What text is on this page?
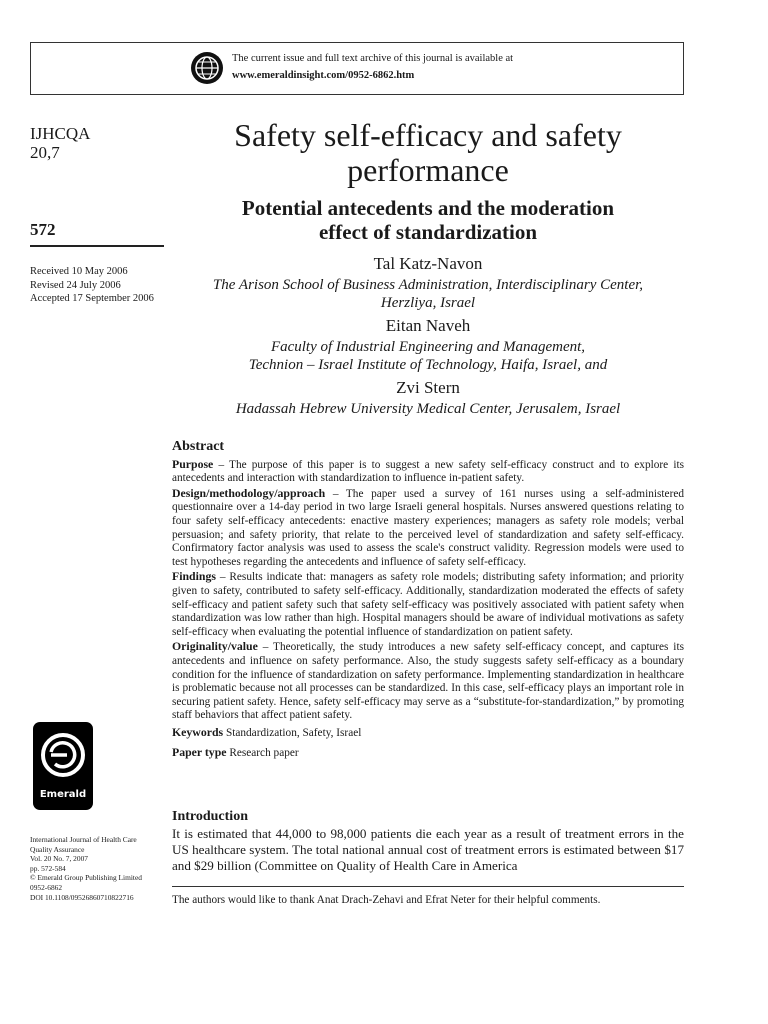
The current issue and full text archive of this journal is available at
www.emeraldinsight.com/0952-6862.htm
IJHCQA
20,7
572
Received 10 May 2006
Revised 24 July 2006
Accepted 17 September 2006
Safety self-efficacy and safety
performance
Potential antecedents and the moderation
effect of standardization
Tal Katz-Navon
The Arison School of Business Administration, Interdisciplinary Center,
Herzliya, Israel
Eitan Naveh
Faculty of Industrial Engineering and Management,
Technion – Israel Institute of Technology, Haifa, Israel, and
Zvi Stern
Hadassah Hebrew University Medical Center, Jerusalem, Israel

Abstract

Purpose – The purpose of this paper is to suggest a new safety self-efficacy construct and to explore its antecedents and interaction with standardization to influence in-patient safety.

Design/methodology/approach – The paper used a survey of 161 nurses using a self-administered questionnaire over a 14-day period in two large Israeli general hospitals. Nurses answered questions relating to four safety self-efficacy antecedents: enactive mastery experiences; managers as safety role models; verbal persuasion; and safety priority, that relate to the perceived level of standardization and safety self-efficacy. Confirmatory factor analysis was used to assess the scale's construct validity. Regression models were used to test hypotheses regarding the antecedents and influence of safety self-efficacy.

Findings – Results indicate that: managers as safety role models; distributing safety information; and priority given to safety, contributed to safety self-efficacy. Additionally, standardization moderated the effects of safety self-efficacy and patient safety such that safety self-efficacy was positively associated with patient safety when standardization was low rather than high. Hospital managers should be aware of individual motivations as safety self-efficacy when evaluating the potential influence of standardization on patient safety.

Originality/value – Theoretically, the study introduces a new safety self-efficacy concept, and captures its antecedents and influence on safety performance. Also, the study suggests safety self-efficacy as a boundary condition for the influence of standardization on safety performance. Implementing standardization in healthcare is problematic because not all processes can be standardized. In this case, self-efficacy plays an important role in securing patient safety. Hence, safety self-efficacy may serve as a “substitute-for-standardization,” by promoting staff behaviors that affect patient safety.

Keywords Standardization, Safety, Israel

Paper type Research paper

Emerald
International Journal of Health Care
Quality Assurance
Vol. 20 No. 7, 2007
pp. 572-584
© Emerald Group Publishing Limited
0952-6862
DOI 10.1108/09526860710822716

Introduction

It is estimated that 44,000 to 98,000 patients die each year as a result of treatment errors in the US healthcare system. The total national annual cost of treatment errors is estimated between $17 and $29 billion (Committee on Quality of Health Care in America

The authors would like to thank Anat Drach-Zehavi and Efrat Neter for their helpful comments.
